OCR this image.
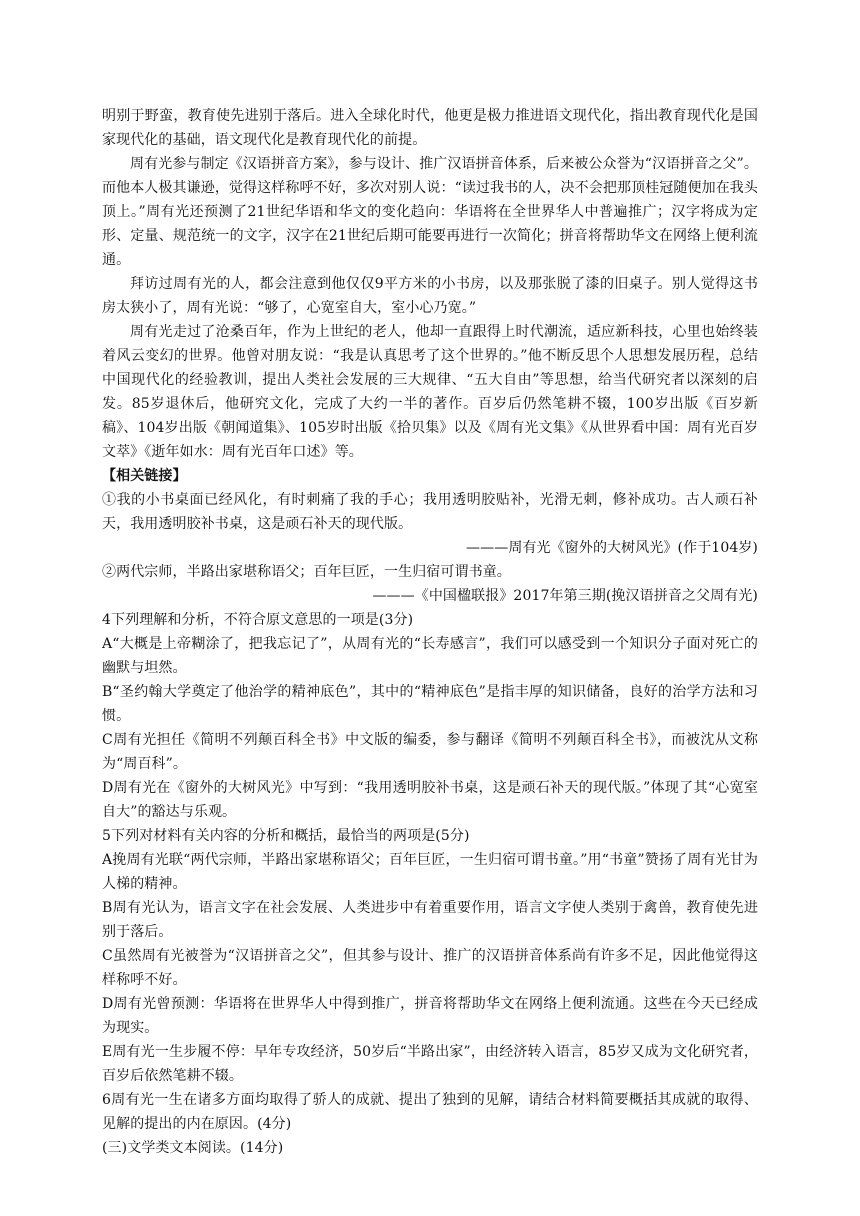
明别于野蛮，教育使先进别于落后。进入全球化时代，他更是极力推进语文现代化，指出教育现代化是国家现代化的基础，语文现代化是教育现代化的前提。

周有光参与制定《汉语拼音方案》，参与设计、推广汉语拼音体系，后来被公众誉为“汉语拼音之父”。而他本人极其谦逊，觉得这样称呼不好，多次对别人说：“读过我书的人，决不会把那顶桂冠随便加在我头顶上。”周有光还预测了21世纪华语和华文的变化趋向：华语将在全世界华人中普遍推广；汉字将成为定形、定量、规范统一的文字，汉字在21世纪后期可能要再进行一次简化；拼音将帮助华文在网络上便利流通。

拜访过周有光的人，都会注意到他仅仅9平方米的小书房，以及那张脱了漆的旧桌子。别人觉得这书房太狭小了，周有光说：“够了，心宽室自大，室小心乃宽。”

周有光走过了沧桑百年，作为上世纪的老人，他却一直跟得上时代潮流，适应新科技，心里也始终装着风云变幻的世界。他曾对朋友说：“我是认真思考了这个世界的。”他不断反思个人思想发展历程，总结中国现代化的经验教训，提出人类社会发展的三大规律、“五大自由”等思想，给当代研究者以深刻的启发。85岁退休后，他研究文化，完成了大约一半的著作。百岁后仍然笔耕不辍，100岁出版《百岁新稿》、104岁出版《朝闻道集》、105岁时出版《拾贝集》以及《周有光文集》《从世界看中国：周有光百岁文萃》《逝年如水：周有光百年口述》等。

【相关链接】

①我的小书桌面已经风化，有时刺痛了我的手心；我用透明胶贴补，光滑无刺，修补成功。古人顽石补天，我用透明胶补书桌，这是顽石补天的现代版。

———周有光《窗外的大树风光》(作于104岁)

②两代宗师，半路出家堪称语父；百年巨匠，一生归宿可谓书童。

———《中国楹联报》2017年第三期(挽汉语拼音之父周有光)

4下列理解和分析，不符合原文意思的一项是(3分)

A“大概是上帝糊涂了，把我忘记了”，从周有光的“长寿感言”，我们可以感受到一个知识分子面对死亡的幽默与坦然。

B“圣约翰大学奠定了他治学的精神底色”，其中的“精神底色”是指丰厚的知识储备，良好的治学方法和习惯。

C周有光担任《简明不列颠百科全书》中文版的编委，参与翻译《简明不列颠百科全书》，而被沈从文称为“周百科”。

D周有光在《窗外的大树风光》中写到：“我用透明胶补书桌，这是顽石补天的现代版。”体现了其“心宽室自大”的豁达与乐观。

5下列对材料有关内容的分析和概括，最恰当的两项是(5分)

A挽周有光联“两代宗师，半路出家堪称语父；百年巨匠，一生归宿可谓书童。”用“书童”赞扬了周有光甘为人梯的精神。

B周有光认为，语言文字在社会发展、人类进步中有着重要作用，语言文字使人类别于禽兽，教育使先进别于落后。

C虽然周有光被誉为“汉语拼音之父”，但其参与设计、推广的汉语拼音体系尚有许多不足，因此他觉得这样称呼不好。

D周有光曾预测：华语将在世界华人中得到推广，拼音将帮助华文在网络上便利流通。这些在今天已经成为现实。

E周有光一生步履不停：早年专攻经济，50岁后“半路出家”，由经济转入语言，85岁又成为文化研究者，百岁后依然笔耕不辍。

6周有光一生在诸多方面均取得了骄人的成就、提出了独到的见解，请结合材料简要概括其成就的取得、见解的提出的内在原因。(4分)

(三)文学类文本阅读。(14分)
